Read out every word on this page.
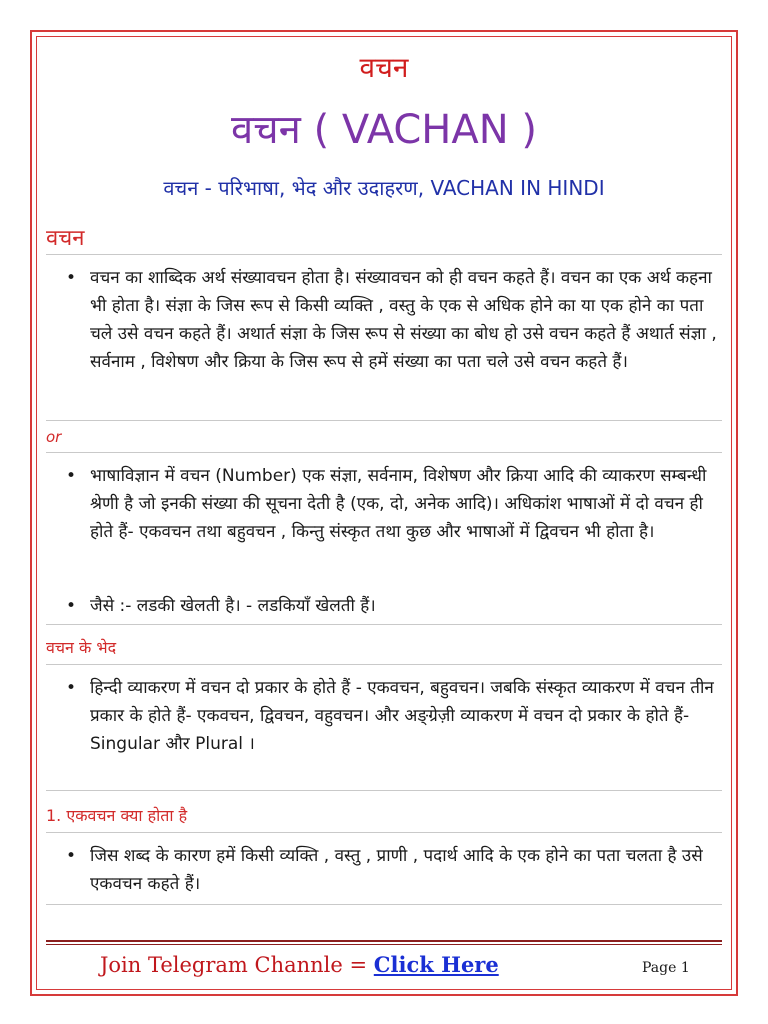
वचन
वचन ( VACHAN )
वचन - परिभाषा, भेद और उदाहरण, VACHAN IN HINDI
वचन
• वचन का शाब्दिक अर्थ संख्यावचन होता है। संख्यावचन को ही वचन कहते हैं। वचन का एक अर्थ कहना भी होता है। संज्ञा के जिस रूप से किसी व्यक्ति , वस्तु के एक से अधिक होने का या एक होने का पता चले उसे वचन कहते हैं। अथार्त संज्ञा के जिस रूप से संख्या का बोध हो उसे वचन कहते हैं अथार्त संज्ञा , सर्वनाम , विशेषण और क्रिया के जिस रूप से हमें संख्या का पता चले उसे वचन कहते हैं।
or
• भाषाविज्ञान में वचन (Number) एक संज्ञा, सर्वनाम, विशेषण और क्रिया आदि की व्याकरण सम्बन्धी श्रेणी है जो इनकी संख्या की सूचना देती है (एक, दो, अनेक आदि)। अधिकांश भाषाओं में दो वचन ही होते हैं- एकवचन तथा बहुवचन , किन्तु संस्कृत तथा कुछ और भाषाओं में द्विवचन भी होता है।
• जैसे :- लडकी खेलती है। - लडकियाँ खेलती हैं।
वचन के भेद
• हिन्दी व्याकरण में वचन दो प्रकार के होते हैं - एकवचन, बहुवचन। जबकि संस्कृत व्याकरण में वचन तीन प्रकार के होते हैं- एकवचन, द्विवचन, वहुवचन। और अङ्ग्रेज़ी व्याकरण में वचन दो प्रकार के होते हैं- Singular और Plural ।
1. एकवचन क्या होता है
• जिस शब्द के कारण हमें किसी व्यक्ति , वस्तु , प्राणी , पदार्थ आदि के एक होने का पता चलता है उसे एकवचन कहते हैं।
Join Telegram Channle = Click Here	Page 1
